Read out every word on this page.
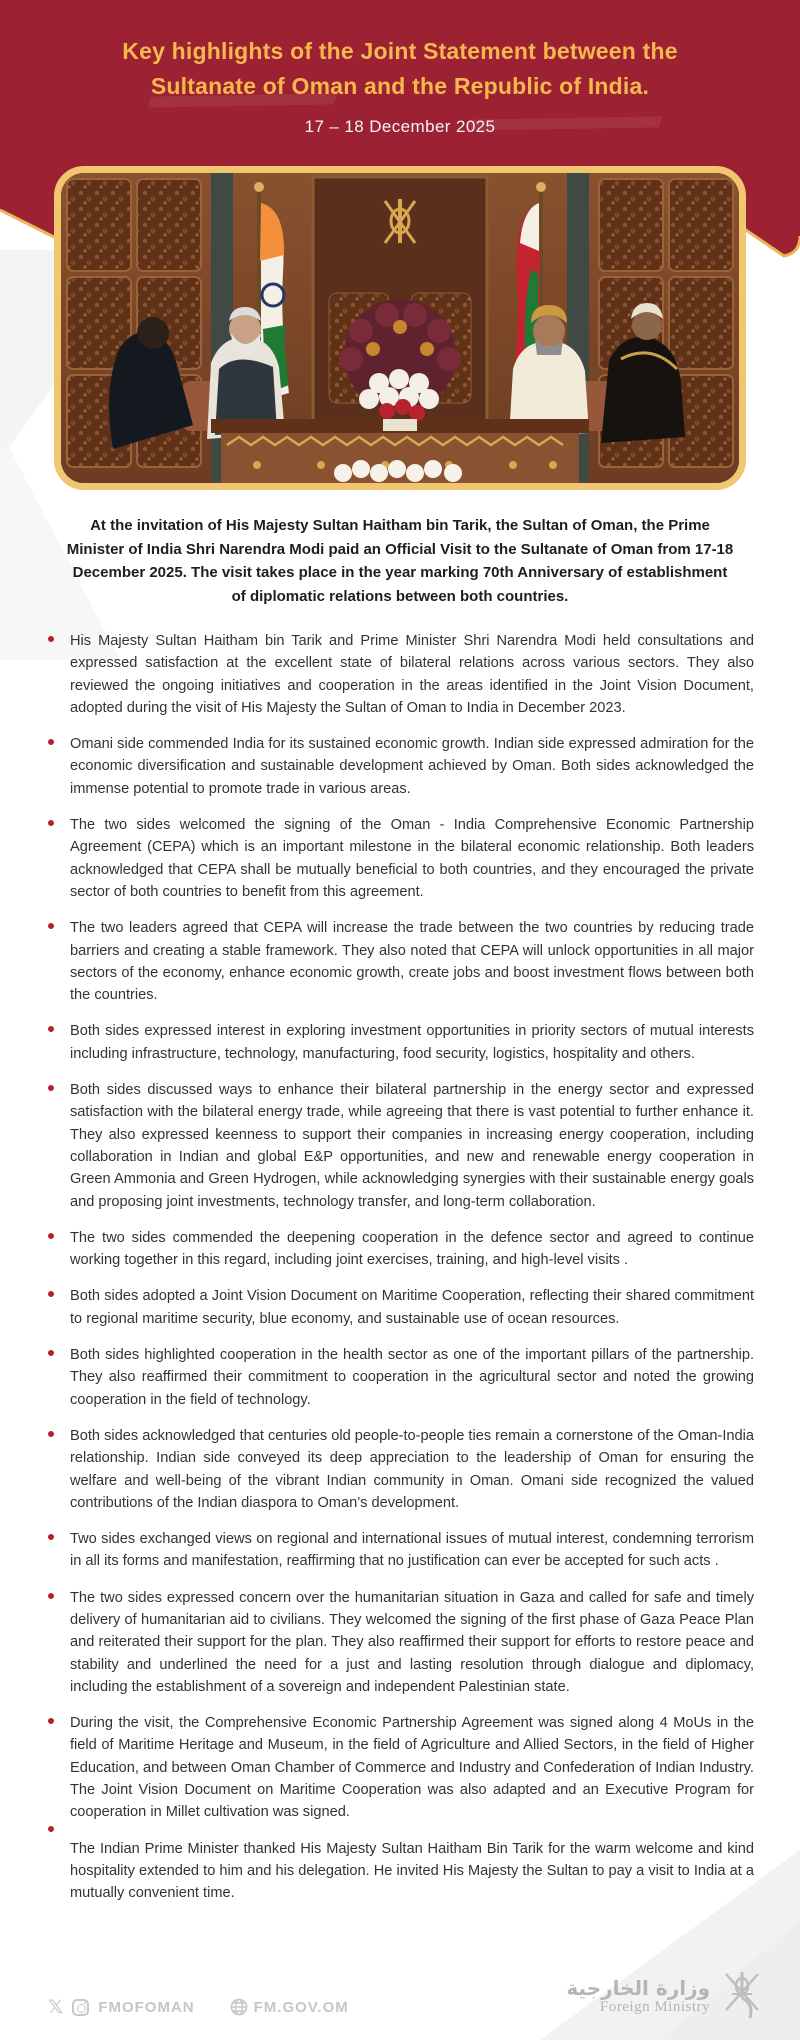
Key highlights of the Joint Statement between the
Sultanate of Oman and the Republic of India.
17 – 18 December 2025

At the invitation of His Majesty Sultan Haitham bin Tarik, the Sultan of Oman, the Prime Minister of India Shri Narendra Modi paid an Official Visit to the Sultanate of Oman from 17-18 December 2025. The visit takes place in the year marking 70th Anniversary of establishment of diplomatic relations between both countries.

His Majesty Sultan Haitham bin Tarik and Prime Minister Shri Narendra Modi held consultations and expressed satisfaction at the excellent state of bilateral relations across various sectors. They also reviewed the ongoing initiatives and cooperation in the areas identified in the Joint Vision Document, adopted during the visit of His Majesty the Sultan of Oman to India in December 2023.

Omani side commended India for its sustained economic growth. Indian side expressed admiration for the economic diversification and sustainable development achieved by Oman. Both sides acknowledged the immense potential to promote trade in various areas.

The two sides welcomed the signing of the Oman - India Comprehensive Economic Partnership Agreement (CEPA) which is an important milestone in the bilateral economic relationship. Both leaders acknowledged that CEPA shall be mutually beneficial to both countries, and they encouraged the private sector of both countries to benefit from this agreement.

The two leaders agreed that CEPA will increase the trade between the two countries by reducing trade barriers and creating a stable framework. They also noted that CEPA will unlock opportunities in all major sectors of the economy, enhance economic growth, create jobs and boost investment flows between both the countries.

Both sides expressed interest in exploring investment opportunities in priority sectors of mutual interests including infrastructure, technology, manufacturing, food security, logistics, hospitality and others.

Both sides discussed ways to enhance their bilateral partnership in the energy sector and expressed satisfaction with the bilateral energy trade, while agreeing that there is vast potential to further enhance it. They also expressed keenness to support their companies in increasing energy cooperation, including collaboration in Indian and global E&P opportunities, and new and renewable energy cooperation in Green Ammonia and Green Hydrogen, while acknowledging synergies with their sustainable energy goals and proposing joint investments, technology transfer, and long-term collaboration.

The two sides commended the deepening cooperation in the defence sector and agreed to continue working together in this regard, including joint exercises, training, and high-level visits .

Both sides adopted a Joint Vision Document on Maritime Cooperation, reflecting their shared commitment to regional maritime security, blue economy, and sustainable use of ocean resources.

Both sides highlighted cooperation in the health sector as one of the important pillars of the partnership. They also reaffirmed their commitment to cooperation in the agricultural sector and noted the growing cooperation in the field of technology.

Both sides acknowledged that centuries old people-to-people ties remain a cornerstone of the Oman-India relationship. Indian side conveyed its deep appreciation to the leadership of Oman for ensuring the welfare and well-being of the vibrant Indian community in Oman. Omani side recognized the valued contributions of the Indian diaspora to Oman’s development.

Two sides exchanged views on regional and international issues of mutual interest, condemning terrorism in all its forms and manifestation, reaffirming that no justification can ever be accepted for such acts .

The two sides expressed concern over the humanitarian situation in Gaza and called for safe and timely delivery of humanitarian aid to civilians. They welcomed the signing of the first phase of Gaza Peace Plan and reiterated their support for the plan. They also reaffirmed their support for efforts to restore peace and stability and underlined the need for a just and lasting resolution through dialogue and diplomacy, including the establishment of a sovereign and independent Palestinian state.

During the visit, the Comprehensive Economic Partnership Agreement was signed along 4 MoUs in the field of Maritime Heritage and Museum, in the field of Agriculture and Allied Sectors, in the field of Higher Education, and between Oman Chamber of Commerce and Industry and Confederation of Indian Industry. The Joint Vision Document on Maritime Cooperation was also adapted and an Executive Program for cooperation in Millet cultivation was signed.

The Indian Prime Minister thanked His Majesty Sultan Haitham Bin Tarik for the warm welcome and kind hospitality extended to him and his delegation. He invited His Majesty the Sultan to pay a visit to India at a mutually convenient time.

𝕏 FMOFOMAN	FM.GOV.OM
وزارة الخارجية
Foreign Ministry
